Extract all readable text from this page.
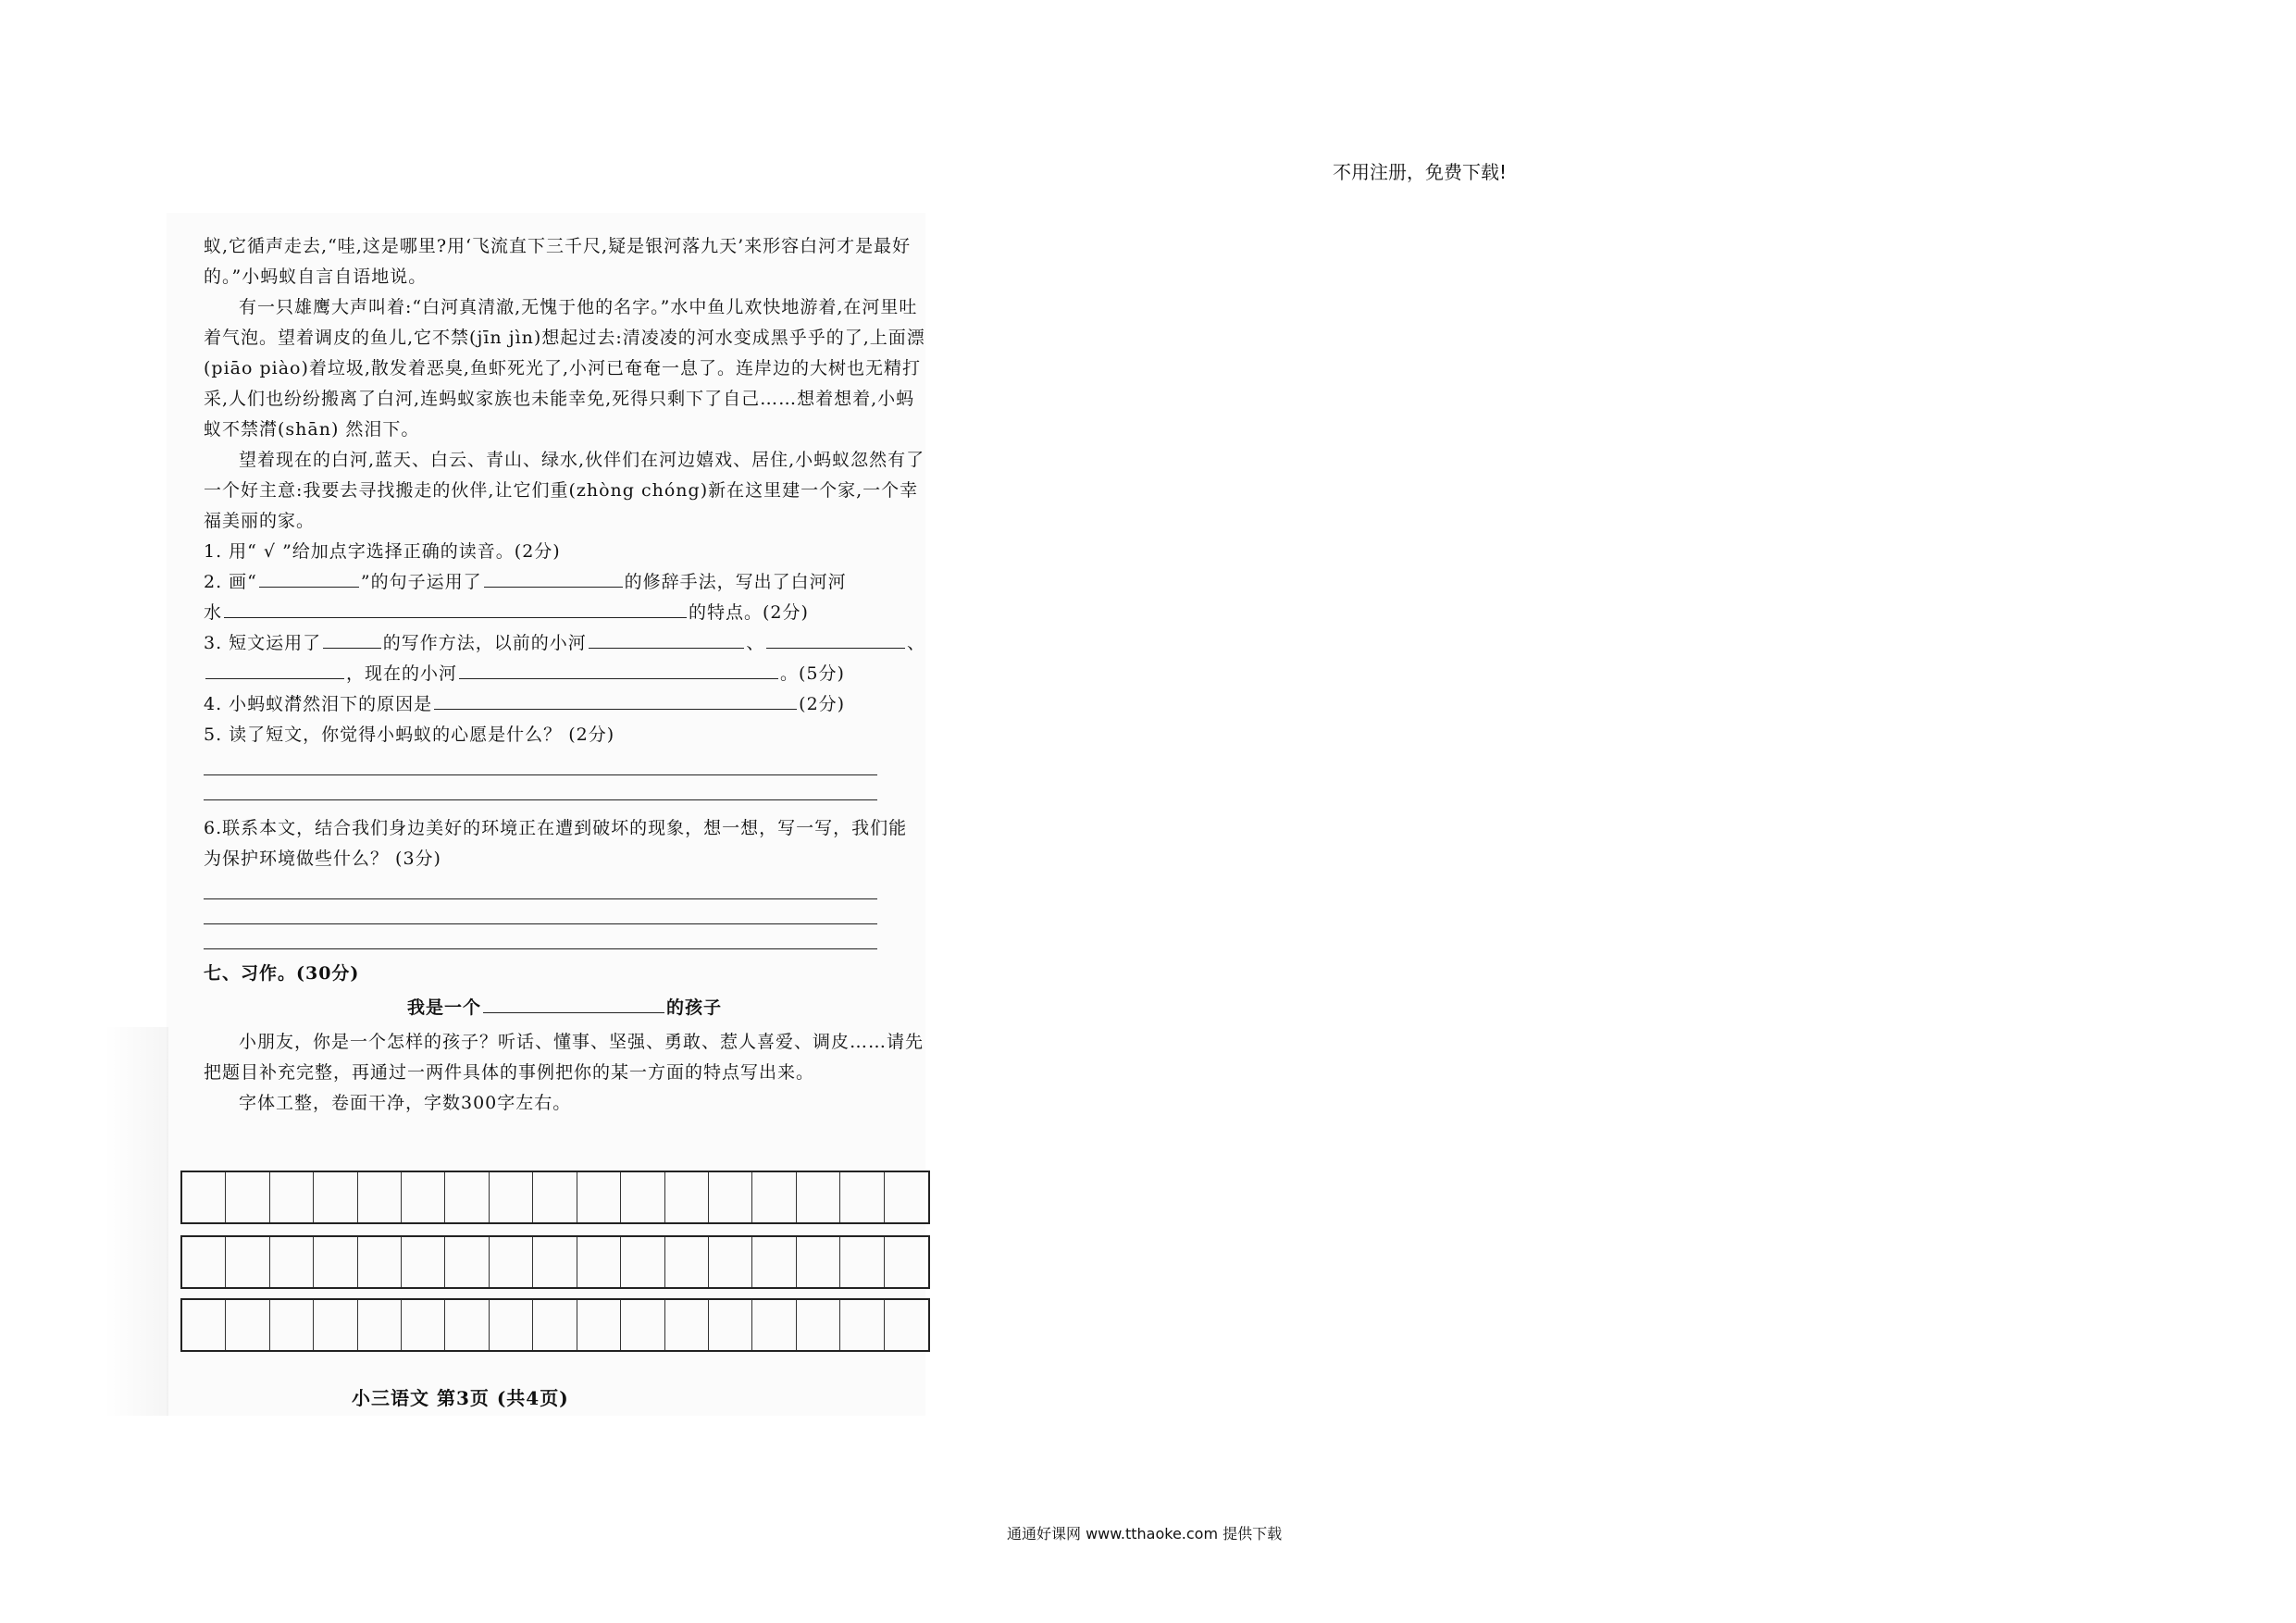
不用注册，免费下载!

蚁,它循声走去,“哇,这是哪里?用‘飞流直下三千尺,疑是银河落九天’来形容白河才是最好的。”小蚂蚁自言自语地说。

有一只雄鹰大声叫着:“白河真清澈,无愧于他的名字。”水中鱼儿欢快地游着,在河里吐着气泡。望着调皮的鱼儿,它不禁(jīn jìn)想起过去:清凌凌的河水变成黑乎乎的了,上面漂(piāo piào)着垃圾,散发着恶臭,鱼虾死光了,小河已奄奄一息了。连岸边的大树也无精打采,人们也纷纷搬离了白河,连蚂蚁家族也未能幸免,死得只剩下了自己……想着想着,小蚂蚁不禁潸(shān) 然泪下。

望着现在的白河,蓝天、白云、青山、绿水,伙伴们在河边嬉戏、居住,小蚂蚁忽然有了一个好主意:我要去寻找搬走的伙伴,让它们重(zhòng chóng)新在这里建一个家,一个幸福美丽的家。

1. 用“ √ ”给加点字选择正确的读音。(2分)

2. 画“	”的句子运用了	的修辞手法，写出了白河河
水	的特点。(2分)
3. 短文运用了	的写作方法，以前的小河	、	、
，现在的小河	。(5分)
4. 小蚂蚁潸然泪下的原因是	(2分)

5. 读了短文，你觉得小蚂蚁的心愿是什么？ (2分)

6.联系本文，结合我们身边美好的环境正在遭到破坏的现象，想一想，写一写，我们能为保护环境做些什么？ (3分)

七、习作。(30分)

我是一个	的孩子

小朋友，你是一个怎样的孩子？听话、懂事、坚强、勇敢、惹人喜爱、调皮……请先把题目补充完整，再通过一两件具体的事例把你的某一方面的特点写出来。

字体工整，卷面干净，字数300字左右。

小三语文 第3页 (共4页)
通通好课网 www.tthaoke.com 提供下载
